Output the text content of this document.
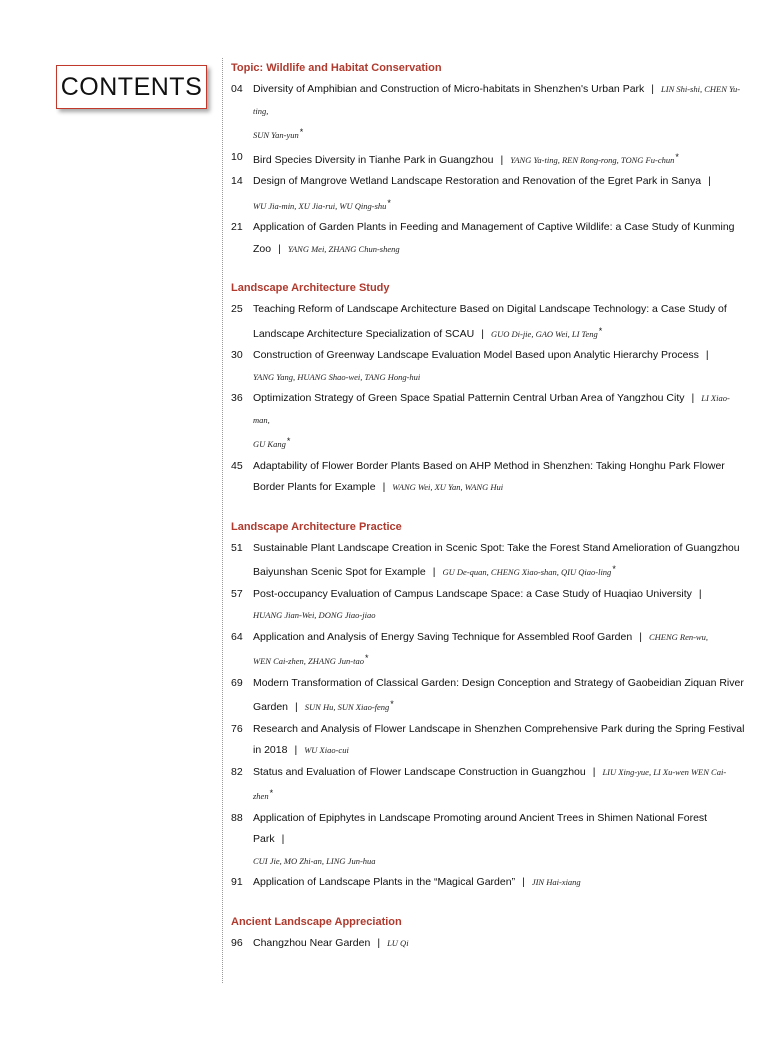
CONTENTS
Topic: Wildlife and Habitat Conservation
04 Diversity of Amphibian and Construction of Micro-habitats in Shenzhen's Urban Park | LIN Shi-shi, CHEN Yu-ting,
SUN Yan-yun*
10 Bird Species Diversity in Tianhe Park in Guangzhou | YANG Ya-ting, REN Rong-rong, TONG Fu-chun*
14 Design of Mangrove Wetland Landscape Restoration and Renovation of the Egret Park in Sanya |
WU Jia-min, XU Jia-rui, WU Qing-shu*
21 Application of Garden Plants in Feeding and Management of Captive Wildlife: a Case Study of Kunming
Zoo | YANG Mei, ZHANG Chun-sheng
Landscape Architecture Study
25 Teaching Reform of Landscape Architecture Based on Digital Landscape Technology: a Case Study of
Landscape Architecture Specialization of SCAU | GUO Di-jie, GAO Wei, LI Teng*
30 Construction of Greenway Landscape Evaluation Model Based upon Analytic Hierarchy Process |
YANG Yang, HUANG Shao-wei, TANG Hong-hui
36 Optimization Strategy of Green Space Spatial Patternin Central Urban Area of Yangzhou City | LI Xiao-man,
GU Kang*
45 Adaptability of Flower Border Plants Based on AHP Method in Shenzhen: Taking Honghu Park Flower
Border Plants for Example | WANG Wei, XU Yan, WANG Hui
Landscape Architecture Practice
51 Sustainable Plant Landscape Creation in Scenic Spot: Take the Forest Stand Amelioration of Guangzhou
Baiyunshan Scenic Spot for Example | GU De-quan, CHENG Xiao-shan, QIU Qiao-ling*
57 Post-occupancy Evaluation of Campus Landscape Space: a Case Study of Huaqiao University |
HUANG Jian-Wei, DONG Jiao-jiao
64 Application and Analysis of Energy Saving Technique for Assembled Roof Garden | CHENG Ren-wu,
WEN Cai-zhen, ZHANG Jun-tao*
69 Modern Transformation of Classical Garden: Design Conception and Strategy of Gaobeidian Ziquan River
Garden | SUN Hu, SUN Xiao-feng*
76 Research and Analysis of Flower Landscape in Shenzhen Comprehensive Park during the Spring Festival
in 2018 | WU Xiao-cui
82 Status and Evaluation of Flower Landscape Construction in Guangzhou | LIU Xing-yue, LI Xu-wen WEN Cai-zhen*
88 Application of Epiphytes in Landscape Promoting around Ancient Trees in Shimen National Forest Park |
CUI Jie, MO Zhi-an, LING Jun-hua
91 Application of Landscape Plants in the “Magical Garden” | JIN Hai-xiang
Ancient Landscape Appreciation
96 Changzhou Near Garden | LU Qi
